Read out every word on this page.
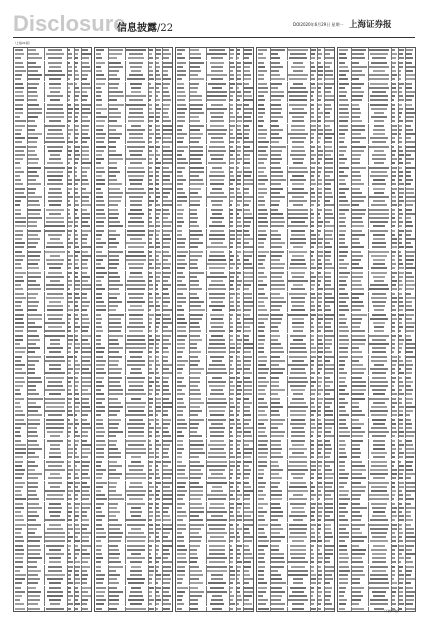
Disclosure
信息披露/22	DOI2020年6月29日 星期一 上海证券报
（上接21版）
（下转23版）
